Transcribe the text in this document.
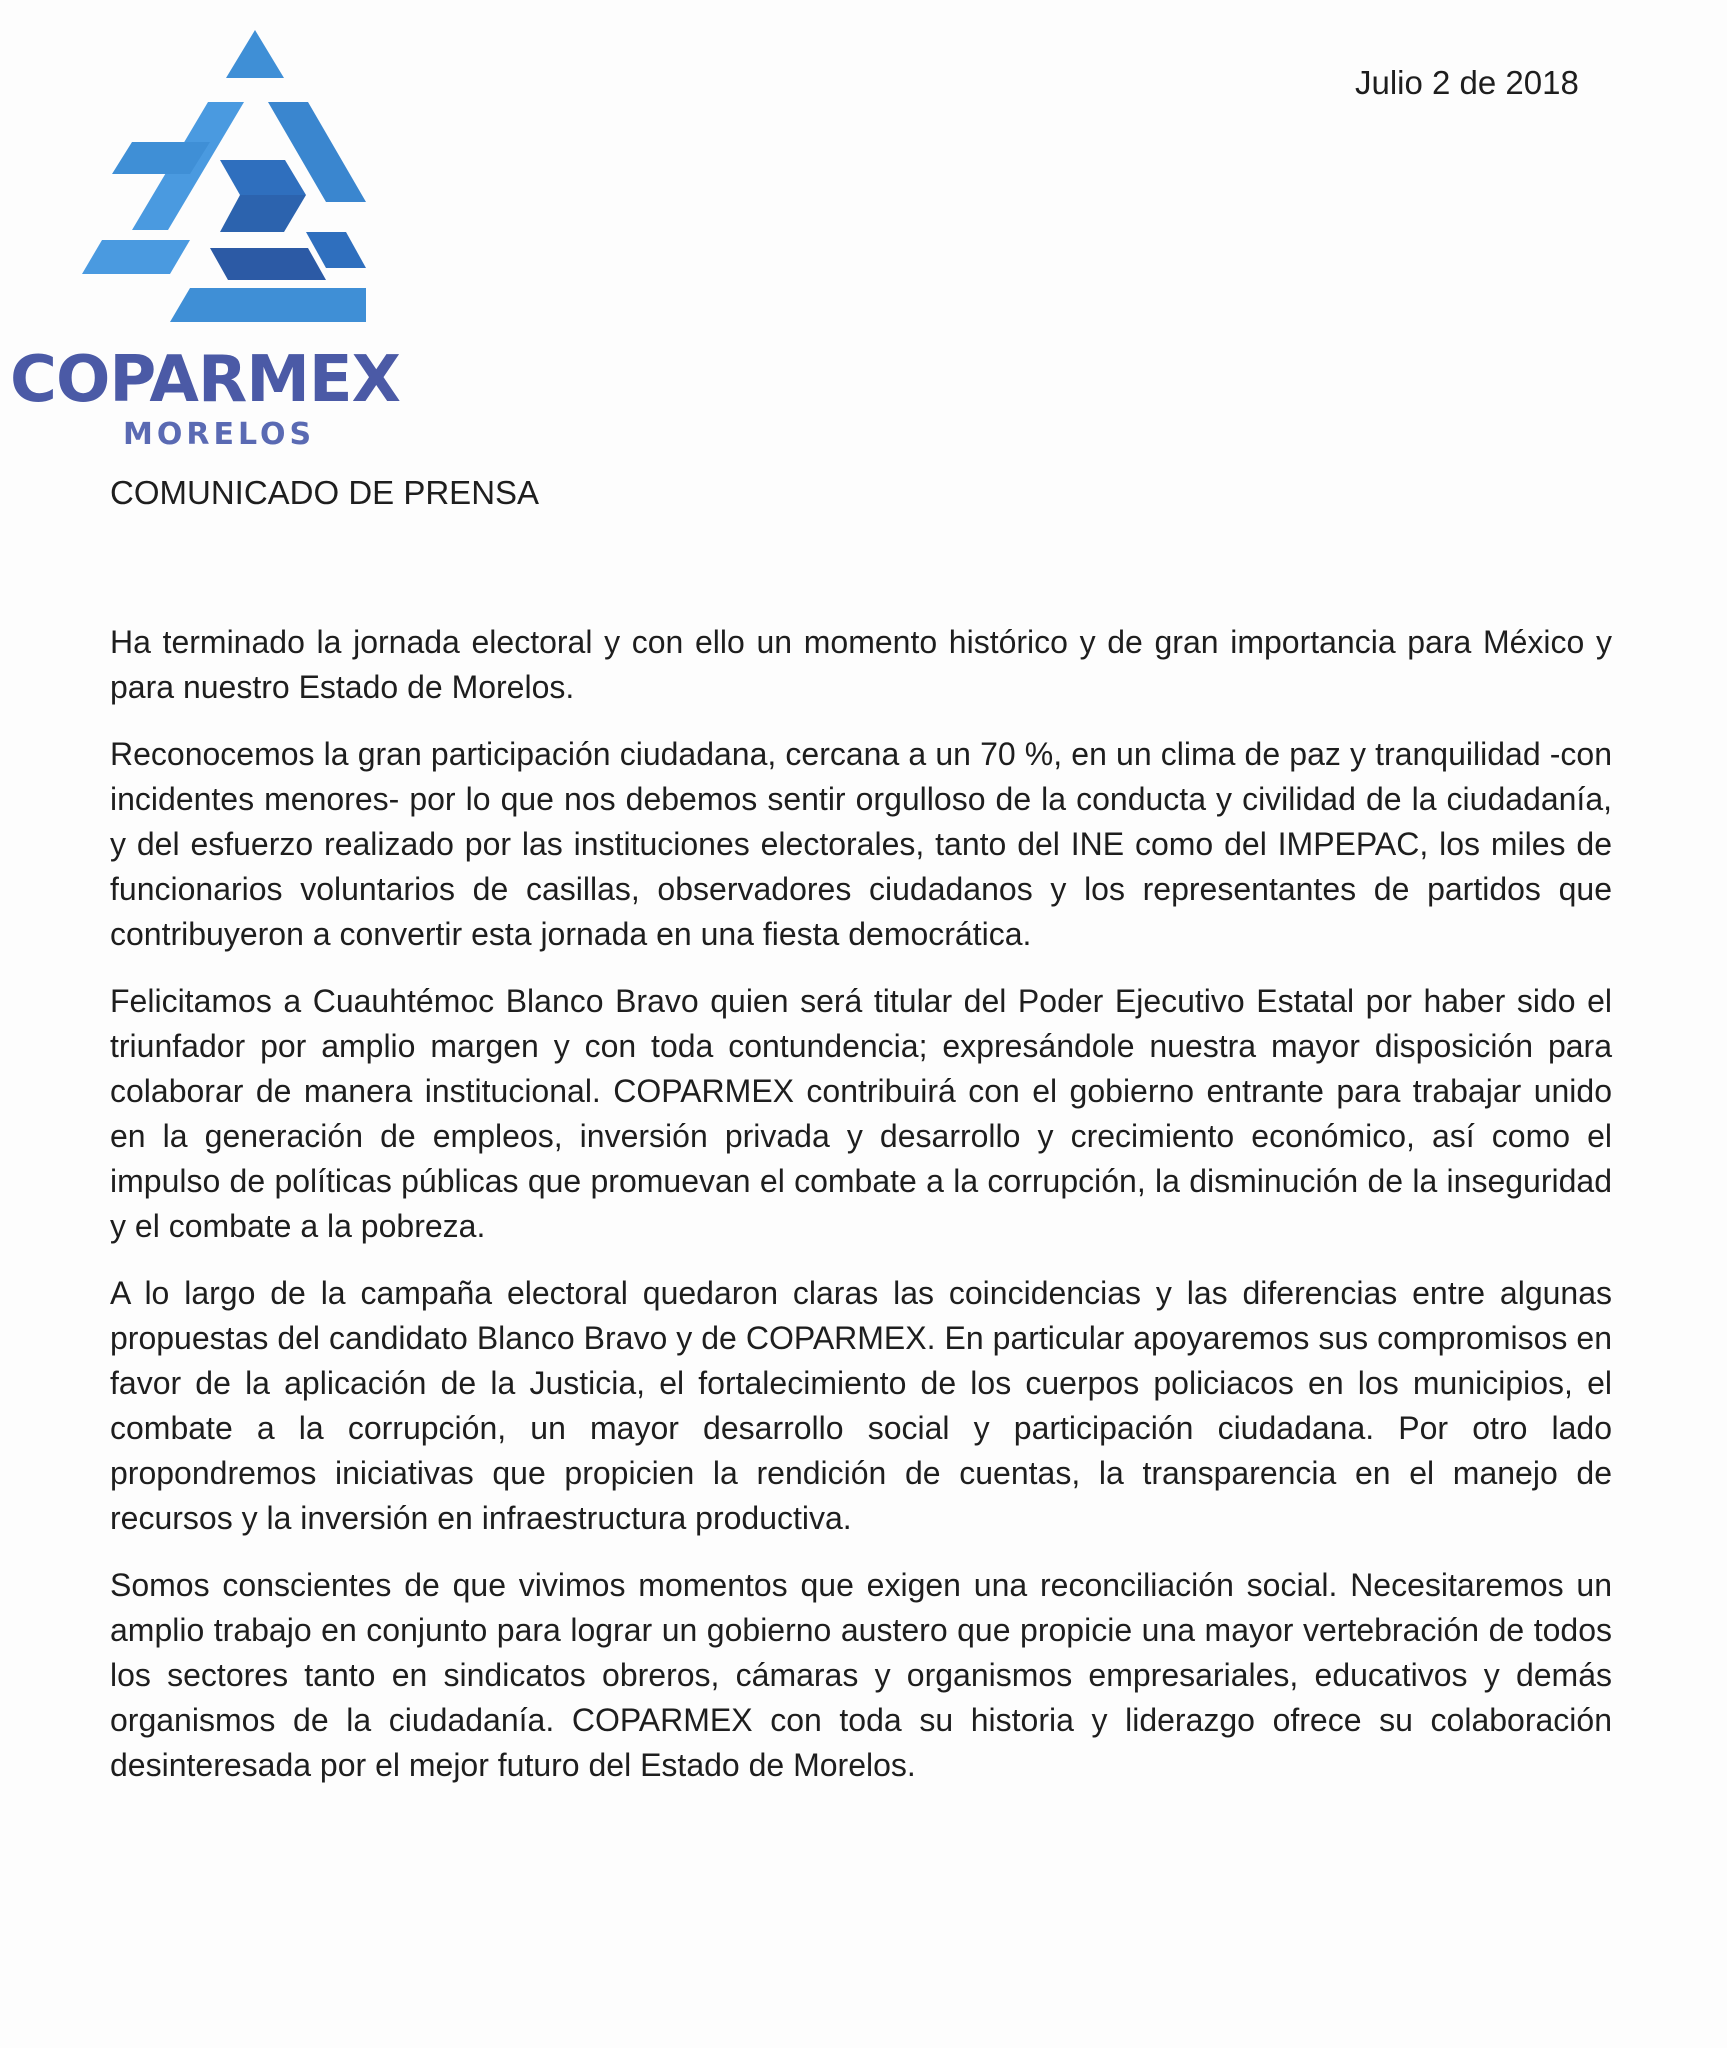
COPARMEX
MORELOS
Julio 2 de 2018
COMUNICADO DE PRENSA

Ha terminado la jornada electoral y con ello un momento histórico y de gran importancia para México y para nuestro Estado de Morelos.

Reconocemos la gran participación ciudadana, cercana a un 70 %, en un clima de paz y tranquilidad -con incidentes menores- por lo que nos debemos sentir orgulloso de la conducta y civilidad de la ciudadanía, y del esfuerzo realizado por las instituciones electorales, tanto del INE como del IMPEPAC, los miles de funcionarios voluntarios de casillas, observadores ciudadanos y los representantes de partidos que contribuyeron a convertir esta jornada en una fiesta democrática.

Felicitamos a Cuauhtémoc Blanco Bravo quien será titular del Poder Ejecutivo Estatal por haber sido el triunfador por amplio margen y con toda contundencia; expresándole nuestra mayor disposición para colaborar de manera institucional. COPARMEX contribuirá con el gobierno entrante para trabajar unido en la generación de empleos, inversión privada y desarrollo y crecimiento económico, así como el impulso de políticas públicas que promuevan el combate a la corrupción, la disminución de la inseguridad y el combate a la pobreza.

A lo largo de la campaña electoral quedaron claras las coincidencias y las diferencias entre algunas propuestas del candidato Blanco Bravo y de COPARMEX. En particular apoyaremos sus compromisos en favor de la aplicación de la Justicia, el fortalecimiento de los cuerpos policiacos en los municipios, el combate a la corrupción, un mayor desarrollo social y participación ciudadana. Por otro lado propondremos iniciativas que propicien la rendición de cuentas, la transparencia en el manejo de recursos y la inversión en infraestructura productiva.

Somos conscientes de que vivimos momentos que exigen una reconciliación social. Necesitaremos un amplio trabajo en conjunto para lograr un gobierno austero que propicie una mayor vertebración de todos los sectores tanto en sindicatos obreros, cámaras y organismos empresariales, educativos y demás organismos de la ciudadanía. COPARMEX con toda su historia y liderazgo ofrece su colaboración desinteresada por el mejor futuro del Estado de Morelos.
